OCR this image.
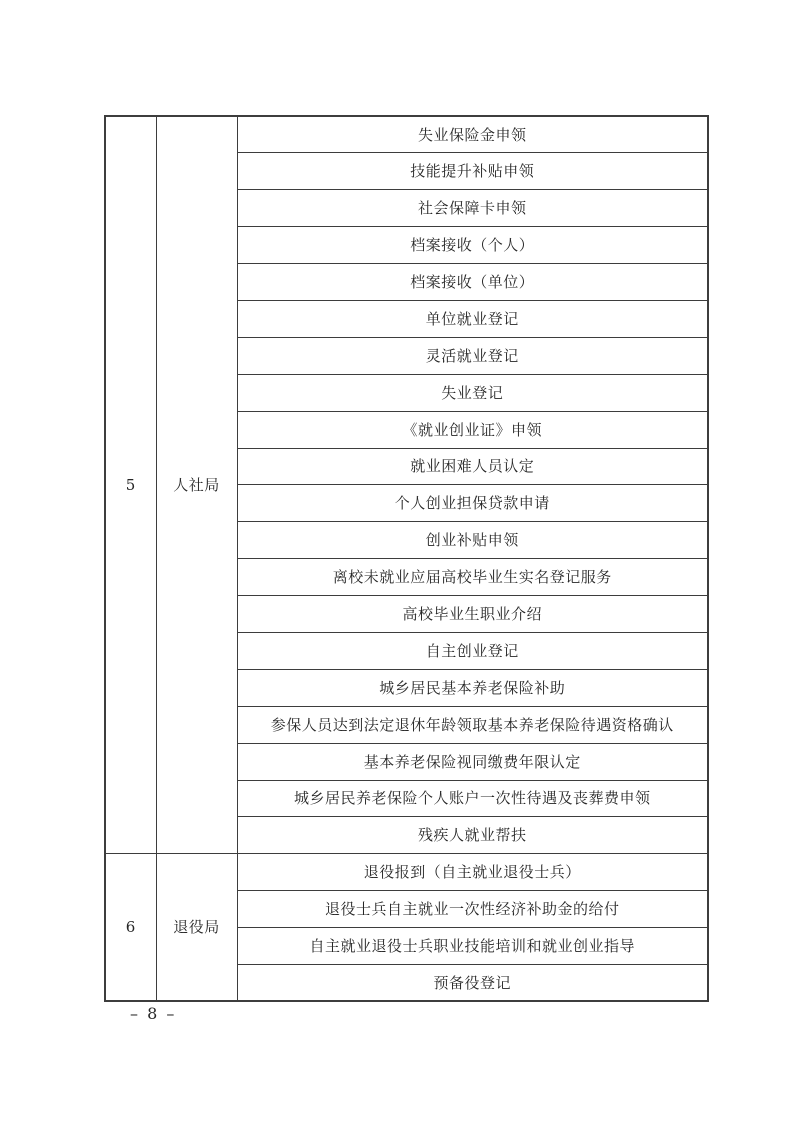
5	人社局	失业保险金申领
		技能提升补贴申领
		社会保障卡申领
		档案接收（个人）
		档案接收（单位）
		单位就业登记
		灵活就业登记
		失业登记
		《就业创业证》申领
		就业困难人员认定
		个人创业担保贷款申请
		创业补贴申领
		离校未就业应届高校毕业生实名登记服务
		高校毕业生职业介绍
		自主创业登记
		城乡居民基本养老保险补助
		参保人员达到法定退休年龄领取基本养老保险待遇资格确认
		基本养老保险视同缴费年限认定
		城乡居民养老保险个人账户一次性待遇及丧葬费申领
		残疾人就业帮扶
6	退役局	退役报到（自主就业退役士兵）
		退役士兵自主就业一次性经济补助金的给付
		自主就业退役士兵职业技能培训和就业创业指导
		预备役登记
– 8 –
